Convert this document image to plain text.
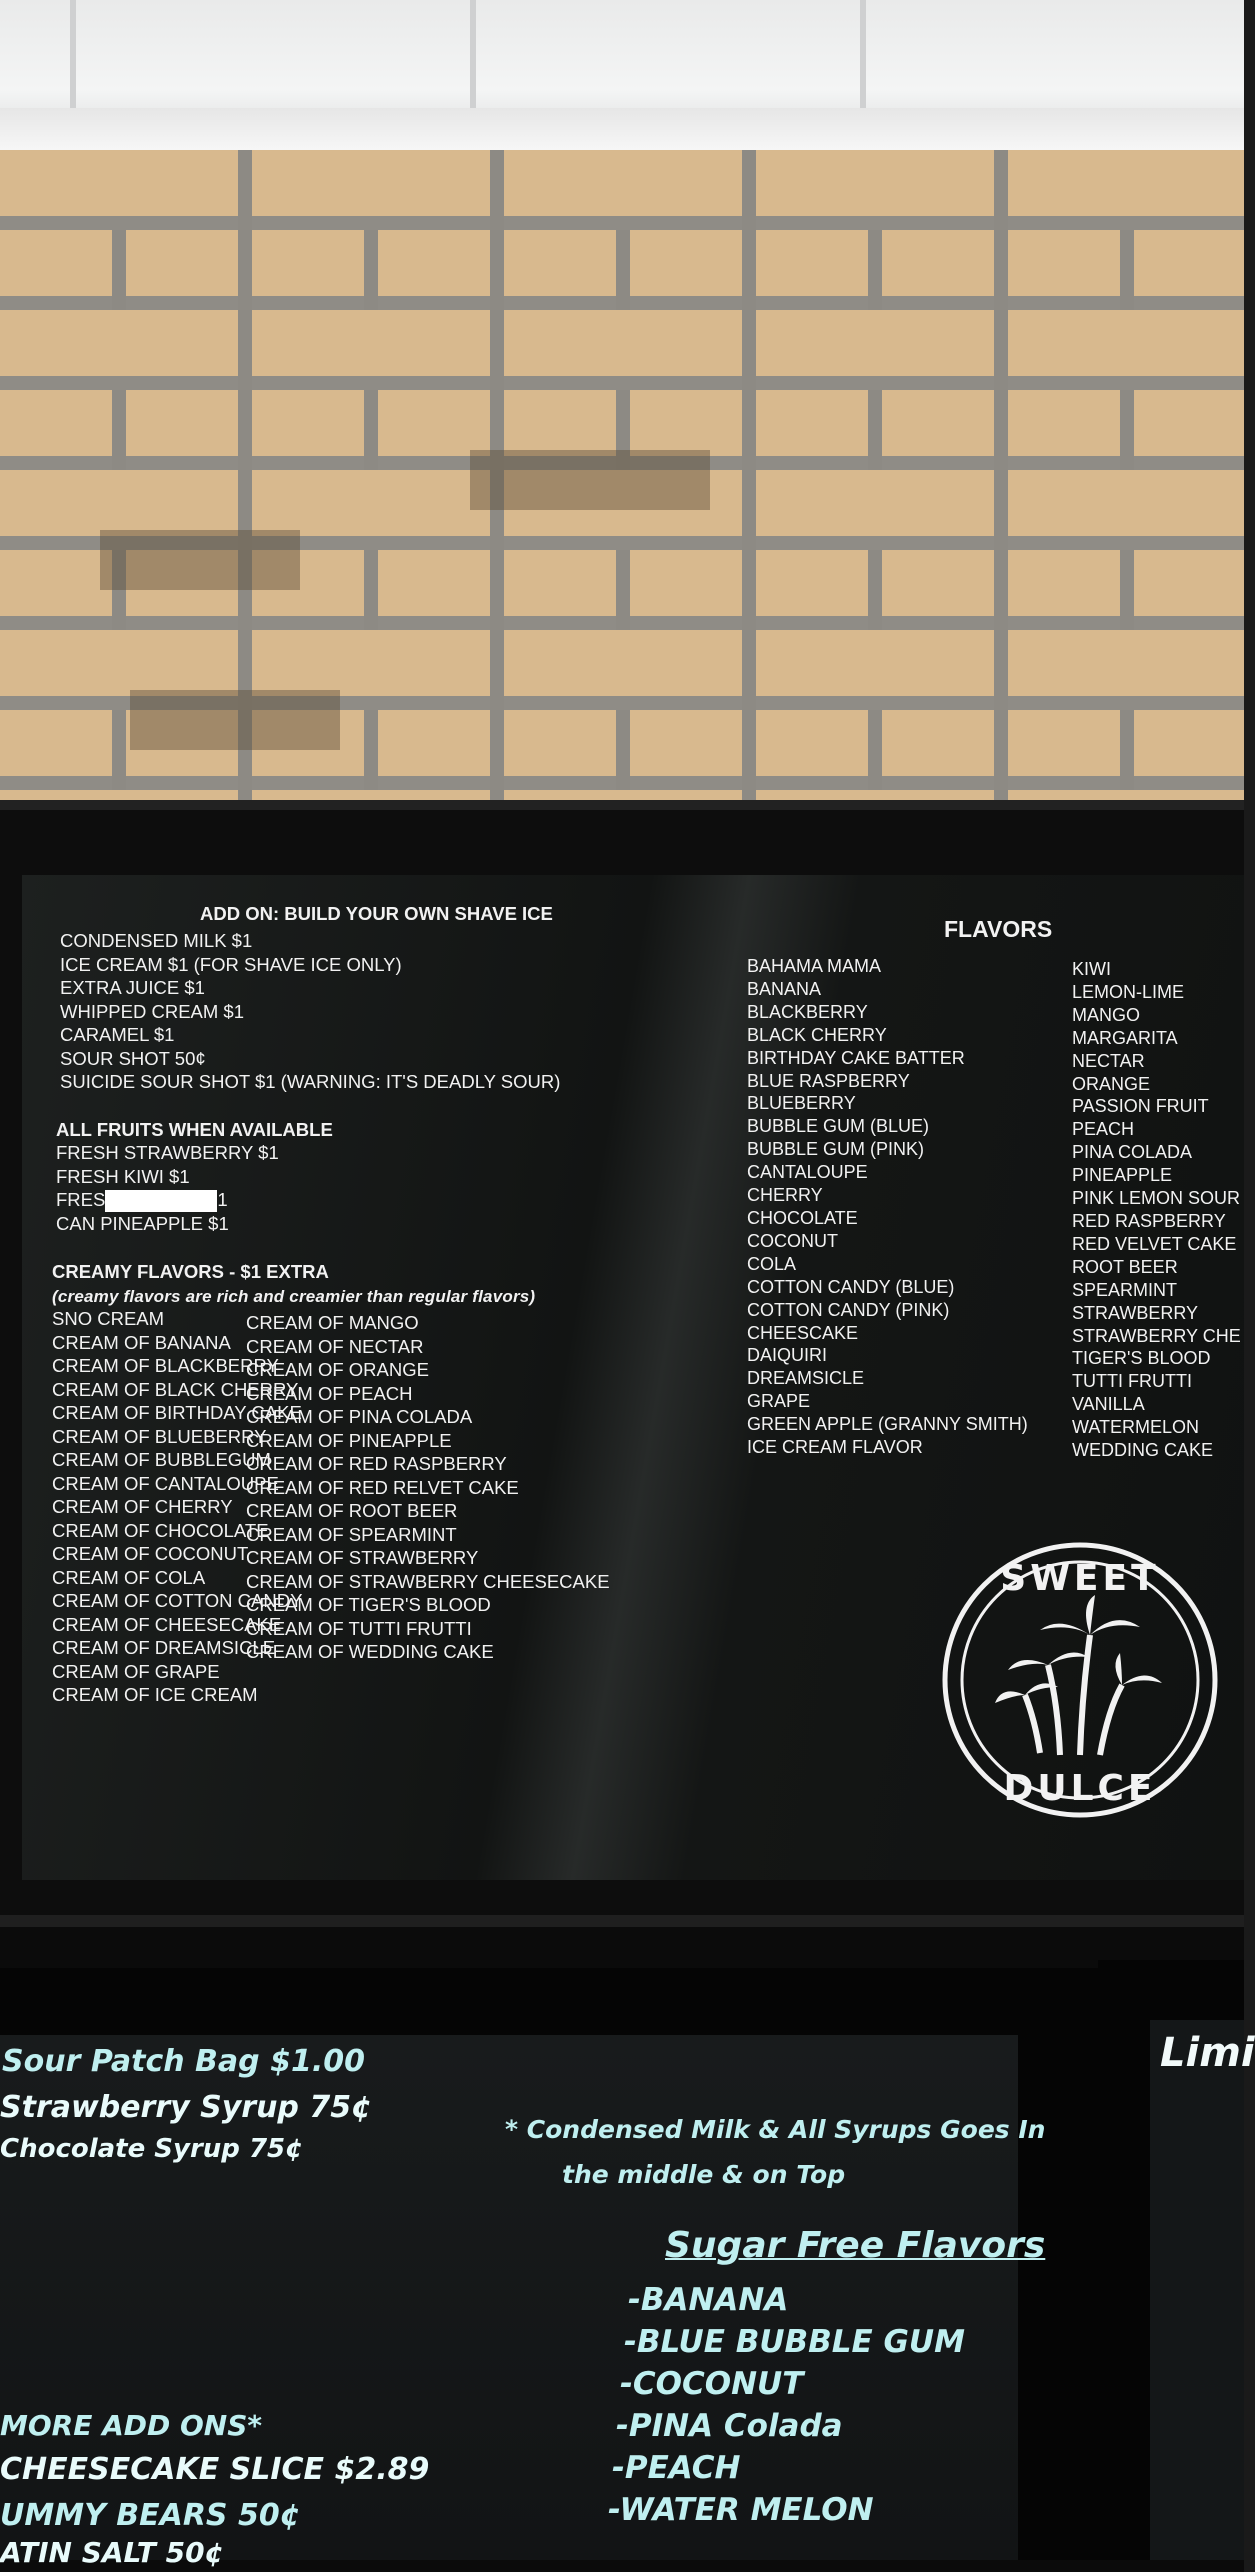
ADD ON: BUILD YOUR OWN SHAVE ICE
CONDENSED MILK $1
ICE CREAM $1 (FOR SHAVE ICE ONLY)
EXTRA JUICE $1
WHIPPED CREAM $1
CARAMEL $1
SOUR SHOT 50¢
SUICIDE SOUR SHOT $1 (WARNING: IT'S DEADLY SOUR)
ALL FRUITS WHEN AVAILABLE
FRESH STRAWBERRY $1
FRESH KIWI $1
FRES	1
CAN PINEAPPLE $1
CREAMY FLAVORS - $1 EXTRA
(creamy flavors are rich and creamier than regular flavors)
SNO CREAM
CREAM OF BANANA
CREAM OF BLACKBERRY
CREAM OF BLACK CHERRY
CREAM OF BIRTHDAY CAKE
CREAM OF BLUEBERRY
CREAM OF BUBBLEGUM
CREAM OF CANTALOUPE
CREAM OF CHERRY
CREAM OF CHOCOLATE
CREAM OF COCONUT
CREAM OF COLA
CREAM OF COTTON CANDY
CREAM OF CHEESECAKE
CREAM OF DREAMSICLE
CREAM OF GRAPE
CREAM OF ICE CREAM
CREAM OF MANGO
CREAM OF NECTAR
CREAM OF ORANGE
CREAM OF PEACH
CREAM OF PINA COLADA
CREAM OF PINEAPPLE
CREAM OF RED RASPBERRY
CREAM OF RED RELVET CAKE
CREAM OF ROOT BEER
CREAM OF SPEARMINT
CREAM OF STRAWBERRY
CREAM OF STRAWBERRY CHEESECAKE
CREAM OF TIGER'S BLOOD
CREAM OF TUTTI FRUTTI
CREAM OF WEDDING CAKE
FLAVORS
BAHAMA MAMA
BANANA
BLACKBERRY
BLACK CHERRY
BIRTHDAY CAKE BATTER
BLUE RASPBERRY
BLUEBERRY
BUBBLE GUM (BLUE)
BUBBLE GUM (PINK)
CANTALOUPE
CHERRY
CHOCOLATE
COCONUT
COLA
COTTON CANDY (BLUE)
COTTON CANDY (PINK)
CHEESCAKE
DAIQUIRI
DREAMSICLE
GRAPE
GREEN APPLE (GRANNY SMITH)
ICE CREAM FLAVOR
KIWI
LEMON-LIME
MANGO
MARGARITA
NECTAR
ORANGE
PASSION FRUIT
PEACH
PINA COLADA
PINEAPPLE
PINK LEMON SOUR
RED RASPBERRY
RED VELVET CAKE
ROOT BEER
SPEARMINT
STRAWBERRY
STRAWBERRY CHE
TIGER'S BLOOD
TUTTI FRUTTI
VANILLA
WATERMELON
WEDDING CAKE
SWEET
DULCE
Sour Patch Bag $1.00
Strawberry Syrup 75¢
Chocolate Syrup 75¢
* Condensed Milk & All Syrups Goes In
the middle & on Top
Sugar Free Flavors
-BANANA
-BLUE BUBBLE GUM
-COCONUT
-PINA Colada
-PEACH
-WATER MELON
MORE ADD ONS*
CHEESECAKE SLICE $2.89
UMMY BEARS 50¢
ATIN SALT 50¢
Limi
